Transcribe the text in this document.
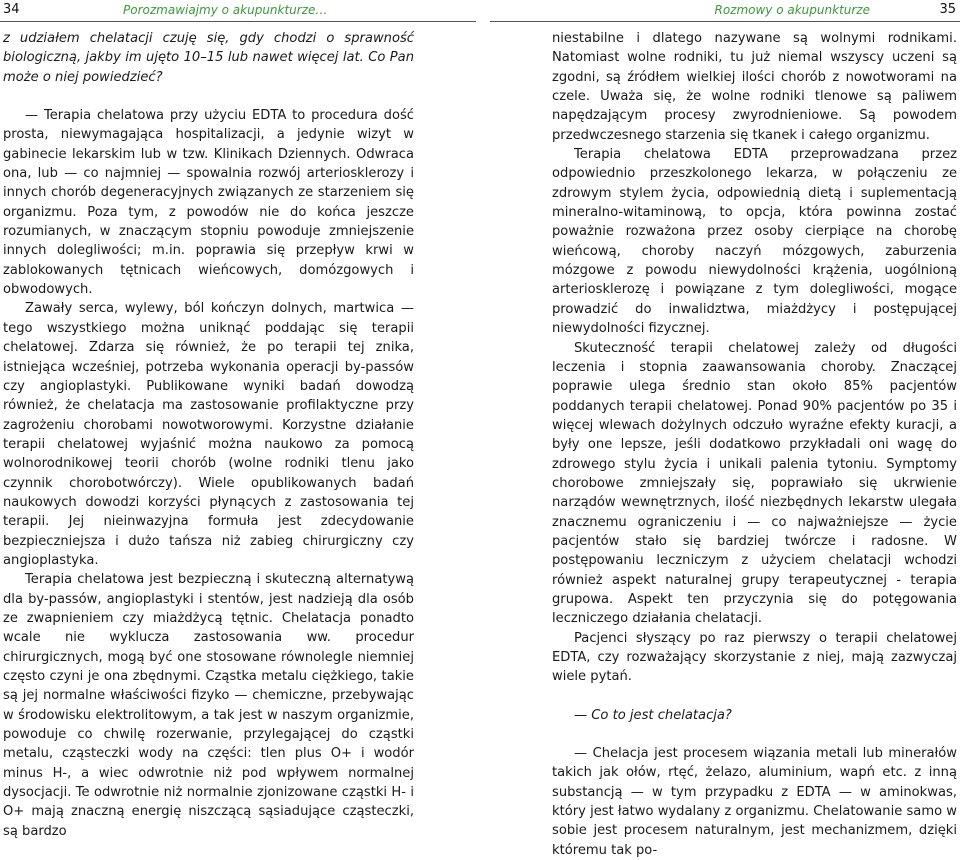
34	Porozmawiajmy o akupunkturze…

z udziałem chelatacji czuję się, gdy chodzi o sprawność biologiczną, jakby im ujęto 10–15 lub nawet więcej lat. Co Pan może o niej powiedzieć?

— Terapia chelatowa przy użyciu EDTA to procedura dość prosta, niewymagająca hospitalizacji, a jedynie wizyt w gabinecie lekarskim lub w tzw. Klinikach Dziennych. Odwraca ona, lub — co najmniej — spowalnia rozwój arteriosklerozy i innych chorób degeneracyjnych związanych ze starzeniem się organizmu. Poza tym, z powodów nie do końca jeszcze rozumianych, w znaczącym stopniu powoduje zmniejszenie innych dolegliwości; m.in. poprawia się przepływ krwi w zablokowanych tętnicach wieńcowych, domózgowych i obwodowych.

Zawały serca, wylewy, ból kończyn dolnych, martwica — tego wszystkiego można uniknąć poddając się terapii chelatowej. Zdarza się również, że po terapii tej znika, istniejąca wcześniej, potrzeba wykonania operacji by-passów czy angioplastyki. Publikowane wyniki badań dowodzą również, że chelatacja ma zastosowanie profilaktyczne przy zagrożeniu chorobami nowotworowymi. Korzystne działanie terapii chelatowej wyjaśnić można naukowo za pomocą wolnorodnikowej teorii chorób (wolne rodniki tlenu jako czynnik chorobotwórczy). Wiele opublikowanych badań naukowych dowodzi korzyści płynących z zastosowania tej terapii. Jej nieinwazyjna formuła jest zdecydowanie bezpieczniejsza i dużo tańsza niż zabieg chirurgiczny czy angioplastyka.

Terapia chelatowa jest bezpieczną i skuteczną alternatywą dla by-passów, angioplastyki i stentów, jest nadzieją dla osób ze zwapnieniem czy miażdżycą tętnic. Chelatacja ponadto wcale nie wyklucza zastosowania ww. procedur chirurgicznych, mogą być one stosowane równolegle niemniej często czyni je ona zbędnymi. Cząstka metalu ciężkiego, takie są jej normalne właściwości fizyko — chemiczne, przebywając w środowisku elektrolitowym, a tak jest w naszym organizmie, powoduje co chwilę rozerwanie, przylegającej do cząstki metalu, cząsteczki wody na części: tlen plus O+ i wodór minus H-, a wiec odwrotnie niż pod wpływem normalnej dysocjacji. Te odwrotnie niż normalnie zjonizowane cząstki H- i O+ mają znaczną energię niszczącą sąsiadujące cząsteczki, są bardzo

Rozmowy o akupunkturze	35

niestabilne i dlatego nazywane są wolnymi rodnikami. Natomiast wolne rodniki, tu już niemal wszyscy uczeni są zgodni, są źródłem wielkiej ilości chorób z nowotworami na czele. Uważa się, że wolne rodniki tlenowe są paliwem napędzającym procesy zwyrodnieniowe. Są powodem przedwczesnego starzenia się tkanek i całego organizmu.

Terapia chelatowa EDTA przeprowadzana przez odpowiednio przeszkolonego lekarza, w połączeniu ze zdrowym stylem życia, odpowiednią dietą i suplementacją mineralno-witaminową, to opcja, która powinna zostać poważnie rozważona przez osoby cierpiące na chorobę wieńcową, choroby naczyń mózgowych, zaburzenia mózgowe z powodu niewydolności krążenia, uogólnioną arteriosklerozę i powiązane z tym dolegliwości, mogące prowadzić do inwalidztwa, miażdżycy i postępującej niewydolności fizycznej.

Skuteczność terapii chelatowej zależy od długości leczenia i stopnia zaawansowania choroby. Znaczącej poprawie ulega średnio stan około 85% pacjentów poddanych terapii chelatowej. Ponad 90% pacjentów po 35 i więcej wlewach dożylnych odczuło wyraźne efekty kuracji, a były one lepsze, jeśli dodatkowo przykładali oni wagę do zdrowego stylu życia i unikali palenia tytoniu. Symptomy chorobowe zmniejszały się, poprawiało się ukrwienie narządów wewnętrznych, ilość niezbędnych lekarstw ulegała znacznemu ograniczeniu i — co najważniejsze — życie pacjentów stało się bardziej twórcze i radosne. W postępowaniu leczniczym z użyciem chelatacji wchodzi również aspekt naturalnej grupy terapeutycznej - terapia grupowa. Aspekt ten przyczynia się do potęgowania leczniczego działania chelatacji.

Pacjenci słyszący po raz pierwszy o terapii chelatowej EDTA, czy rozważający skorzystanie z niej, mają zazwyczaj wiele pytań.

— Co to jest chelatacja?

— Chelacja jest procesem wiązania metali lub minerałów takich jak ołów, rtęć, żelazo, aluminium, wapń etc. z inną substancją — w tym przypadku z EDTA — w aminokwas, który jest łatwo wydalany z organizmu. Chelatowanie samo w sobie jest procesem naturalnym, jest mechanizmem, dzięki któremu tak po-
